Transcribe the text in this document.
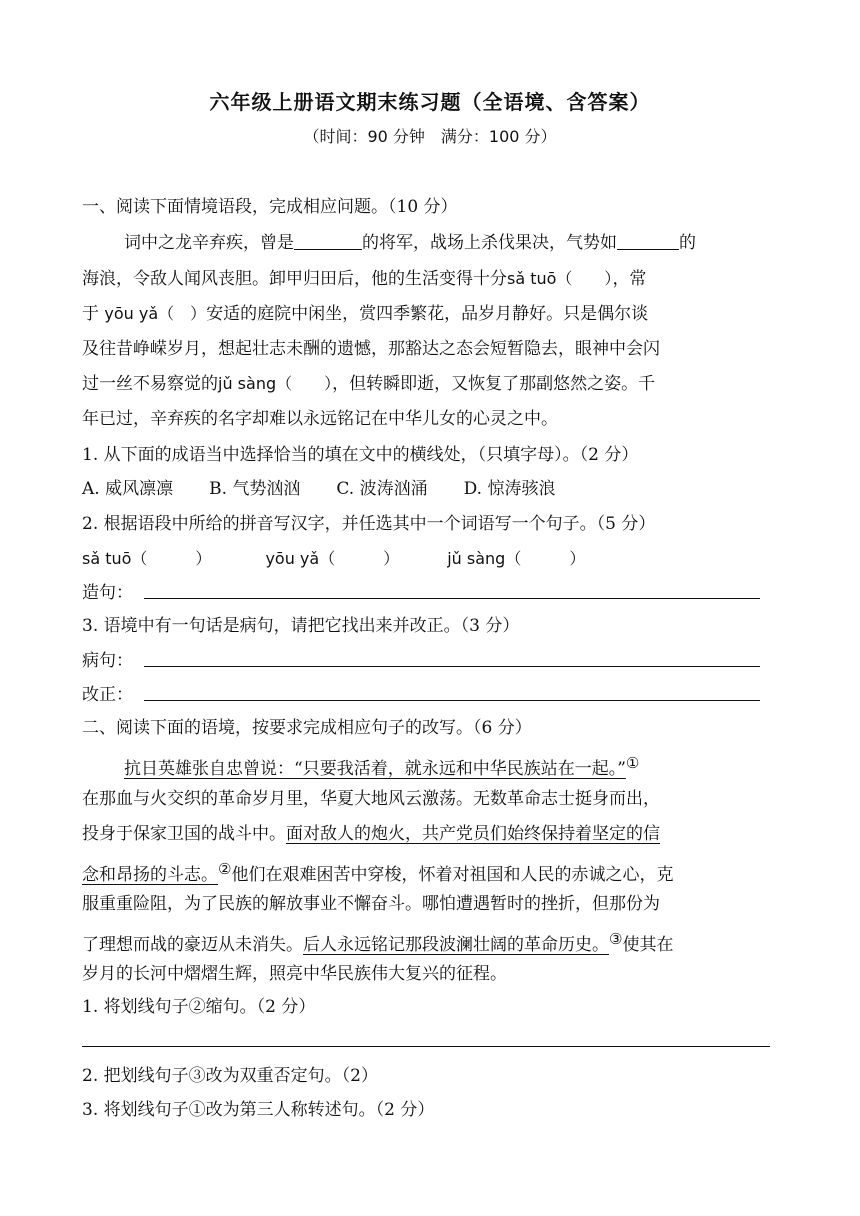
六年级上册语文期末练习题（全语境、含答案）
（时间：90 分钟　满分：100 分）
一、阅读下面情境语段，完成相应问题。（10 分）
词中之龙辛弃疾，曾是	的将军，战场上杀伐果决，气势如	的
海浪，令敌人闻风丧胆。卸甲归田后，他的生活变得十分sǎ tuō（　　），常
于 yōu yǎ（　）安适的庭院中闲坐，赏四季繁花，品岁月静好。只是偶尔谈
及往昔峥嵘岁月，想起壮志未酬的遗憾，那豁达之态会短暂隐去，眼神中会闪
过一丝不易察觉的jǔ sàng（　　），但转瞬即逝，又恢复了那副悠然之姿。千
年已过，辛弃疾的名字却难以永远铭记在中华儿女的心灵之中。
1. 从下面的成语当中选择恰当的填在文中的横线处，（只填字母）。（2 分）
A. 威风凛凛 B. 气势汹汹 C. 波涛汹涌 D. 惊涛骇浪
2. 根据语段中所给的拼音写汉字，并任选其中一个词语写一个句子。（5 分）
sǎ tuō（　　　）	yōu yǎ（　　　）	jǔ sàng（　　　）
造句：
3. 语境中有一句话是病句，请把它找出来并改正。（3 分）
病句：
改正：
二、阅读下面的语境，按要求完成相应句子的改写。（6 分）
抗日英雄张自忠曾说：“只要我活着，就永远和中华民族站在一起。”①
在那血与火交织的革命岁月里，华夏大地风云激荡。无数革命志士挺身而出，
投身于保家卫国的战斗中。面对敌人的炮火，共产党员们始终保持着坚定的信
念和昂扬的斗志。②他们在艰难困苦中穿梭，怀着对祖国和人民的赤诚之心，克
服重重险阻，为了民族的解放事业不懈奋斗。哪怕遭遇暂时的挫折，但那份为
了理想而战的豪迈从未消失。后人永远铭记那段波澜壮阔的革命历史。③使其在
岁月的长河中熠熠生辉，照亮中华民族伟大复兴的征程。
1. 将划线句子②缩句。（2 分）
2. 把划线句子③改为双重否定句。（2）
3. 将划线句子①改为第三人称转述句。（2 分）
